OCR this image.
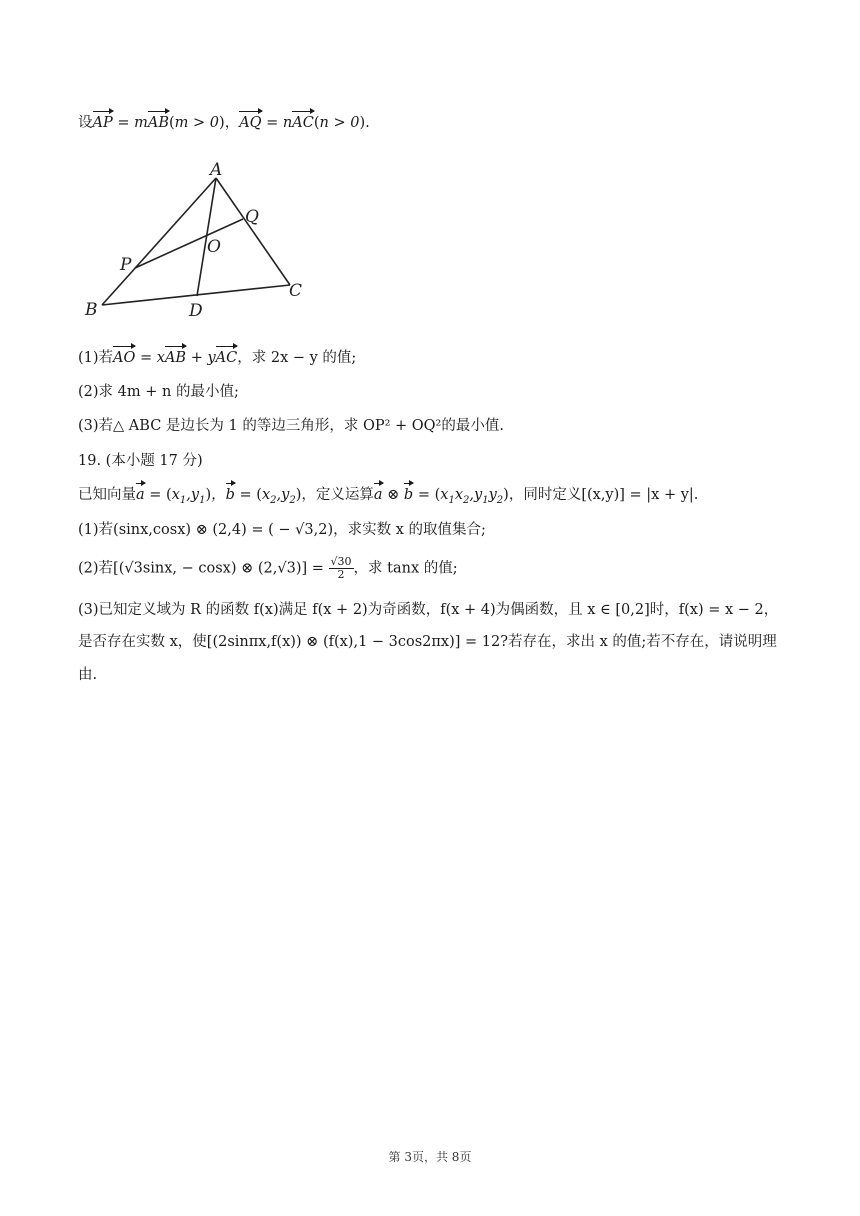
设AP = mAB(m > 0)，AQ = nAC(n > 0).
A
B
C
D
O
P
Q
(1)若AO = xAB + yAC，求 2x − y 的值;
(2)求 4m + n 的最小值;
(3)若△ ABC 是边长为 1 的等边三角形，求 OP² + OQ²的最小值.
19. (本小题 17 分)
已知向量$a = (x_1,y_1)$，$b = (x_2,y_2)$，定义运算a ⊗ $b = (x_1x_2,y_1y_2)$，同时定义[(x,y)] = |x + y|.
(1)若(sinx,cosx) ⊗ (2,4) = ( − √3,2)，求实数 x 的取值集合;
(2)若[(√3sinx, − cosx) ⊗ $(2,√3)] = \frac{√30}{2}$ ，求 tanx 的值;
(3)已知定义域为 R 的函数 f(x)满足 f(x + 2)为奇函数，f(x + 4)为偶函数，且 x ∈ [0,2]时，f(x) = x − 2，
是否存在实数 x，使[(2sinπx,f(x)) ⊗ (f(x),1 − 3cos2πx)] = 12?若存在，求出 x 的值;若不存在，请说明理
由.
第 3页，共 8页
